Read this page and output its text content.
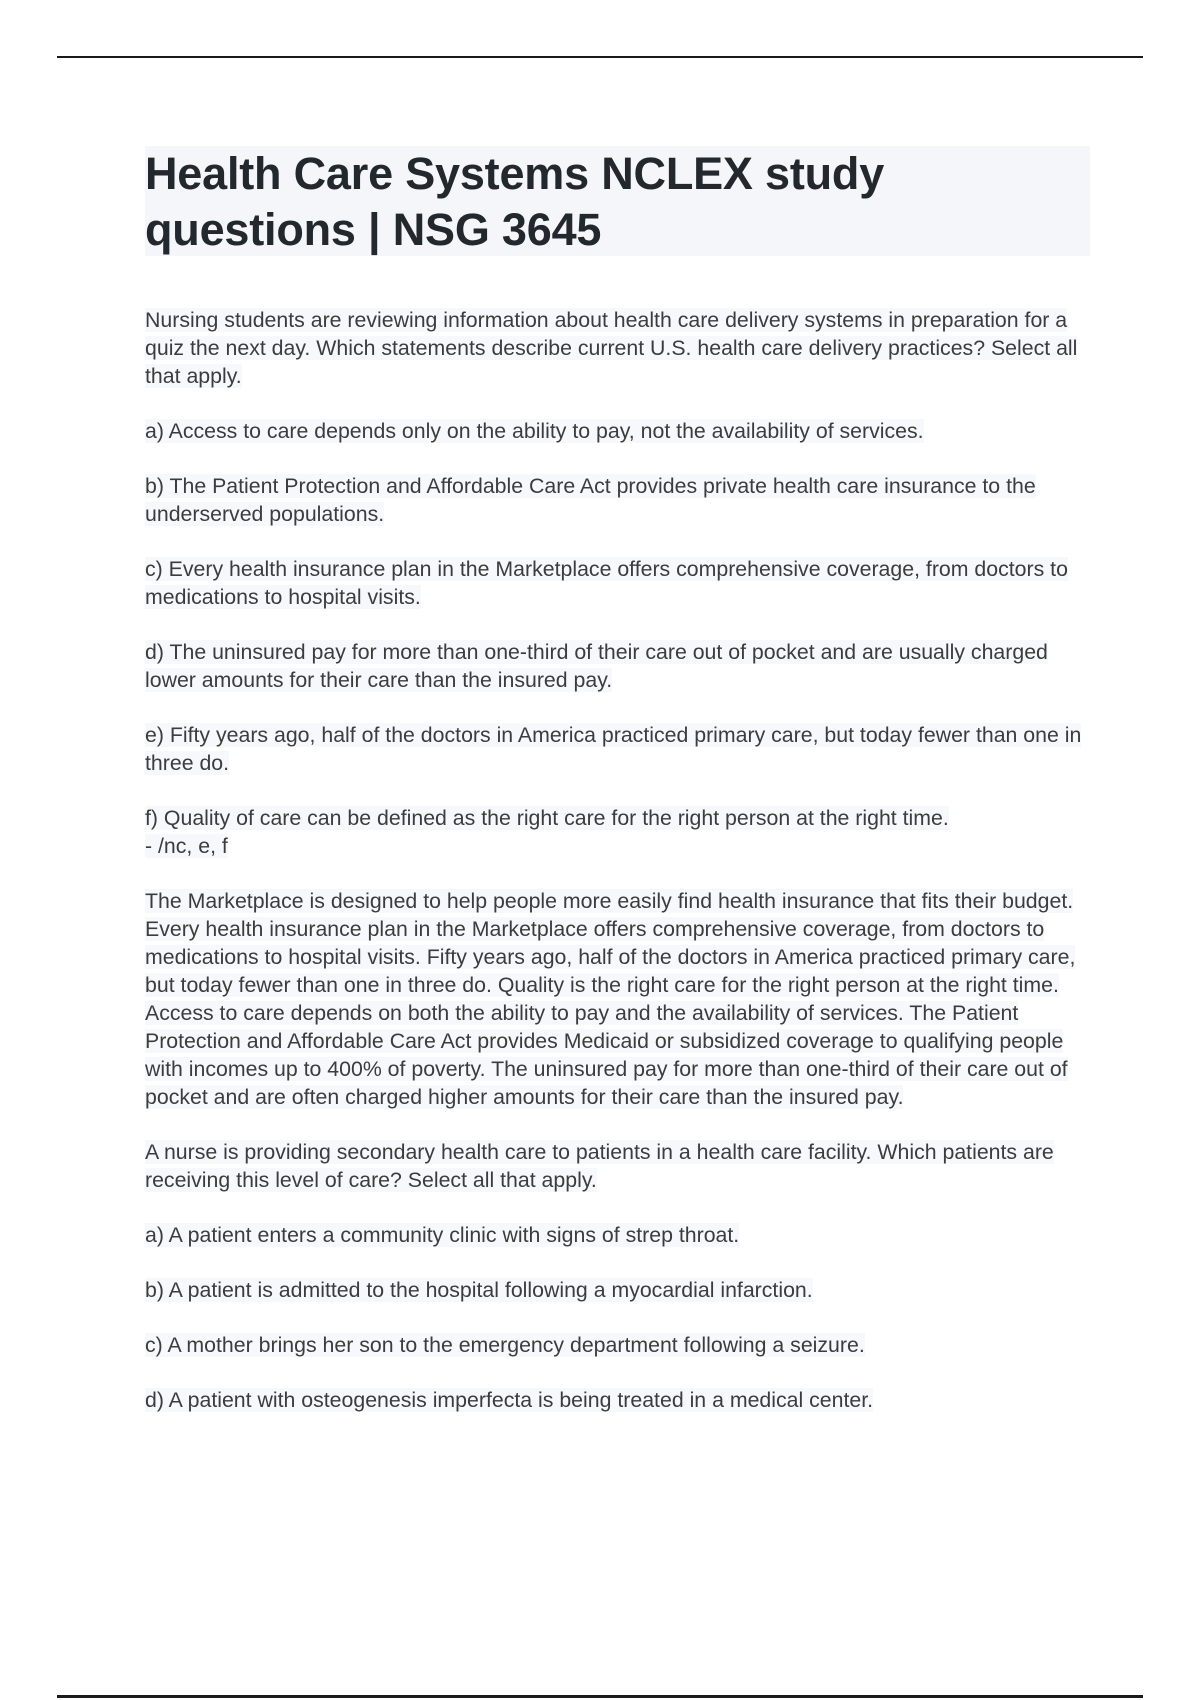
Health Care Systems NCLEX study questions | NSG 3645

Nursing students are reviewing information about health care delivery systems in preparation for a quiz the next day. Which statements describe current U.S. health care delivery practices? Select all that apply.

a) Access to care depends only on the ability to pay, not the availability of services.

b) The Patient Protection and Affordable Care Act provides private health care insurance to the underserved populations.

c) Every health insurance plan in the Marketplace offers comprehensive coverage, from doctors to medications to hospital visits.

d) The uninsured pay for more than one-third of their care out of pocket and are usually charged lower amounts for their care than the insured pay.

e) Fifty years ago, half of the doctors in America practiced primary care, but today fewer than one in three do.

f) Quality of care can be defined as the right care for the right person at the right time.
- /nc, e, f

The Marketplace is designed to help people more easily find health insurance that fits their budget. Every health insurance plan in the Marketplace offers comprehensive coverage, from doctors to medications to hospital visits. Fifty years ago, half of the doctors in America practiced primary care, but today fewer than one in three do. Quality is the right care for the right person at the right time. Access to care depends on both the ability to pay and the availability of services. The Patient Protection and Affordable Care Act provides Medicaid or subsidized coverage to qualifying people with incomes up to 400% of poverty. The uninsured pay for more than one-third of their care out of pocket and are often charged higher amounts for their care than the insured pay.

A nurse is providing secondary health care to patients in a health care facility. Which patients are receiving this level of care? Select all that apply.

a) A patient enters a community clinic with signs of strep throat.

b) A patient is admitted to the hospital following a myocardial infarction.

c) A mother brings her son to the emergency department following a seizure.

d) A patient with osteogenesis imperfecta is being treated in a medical center.
